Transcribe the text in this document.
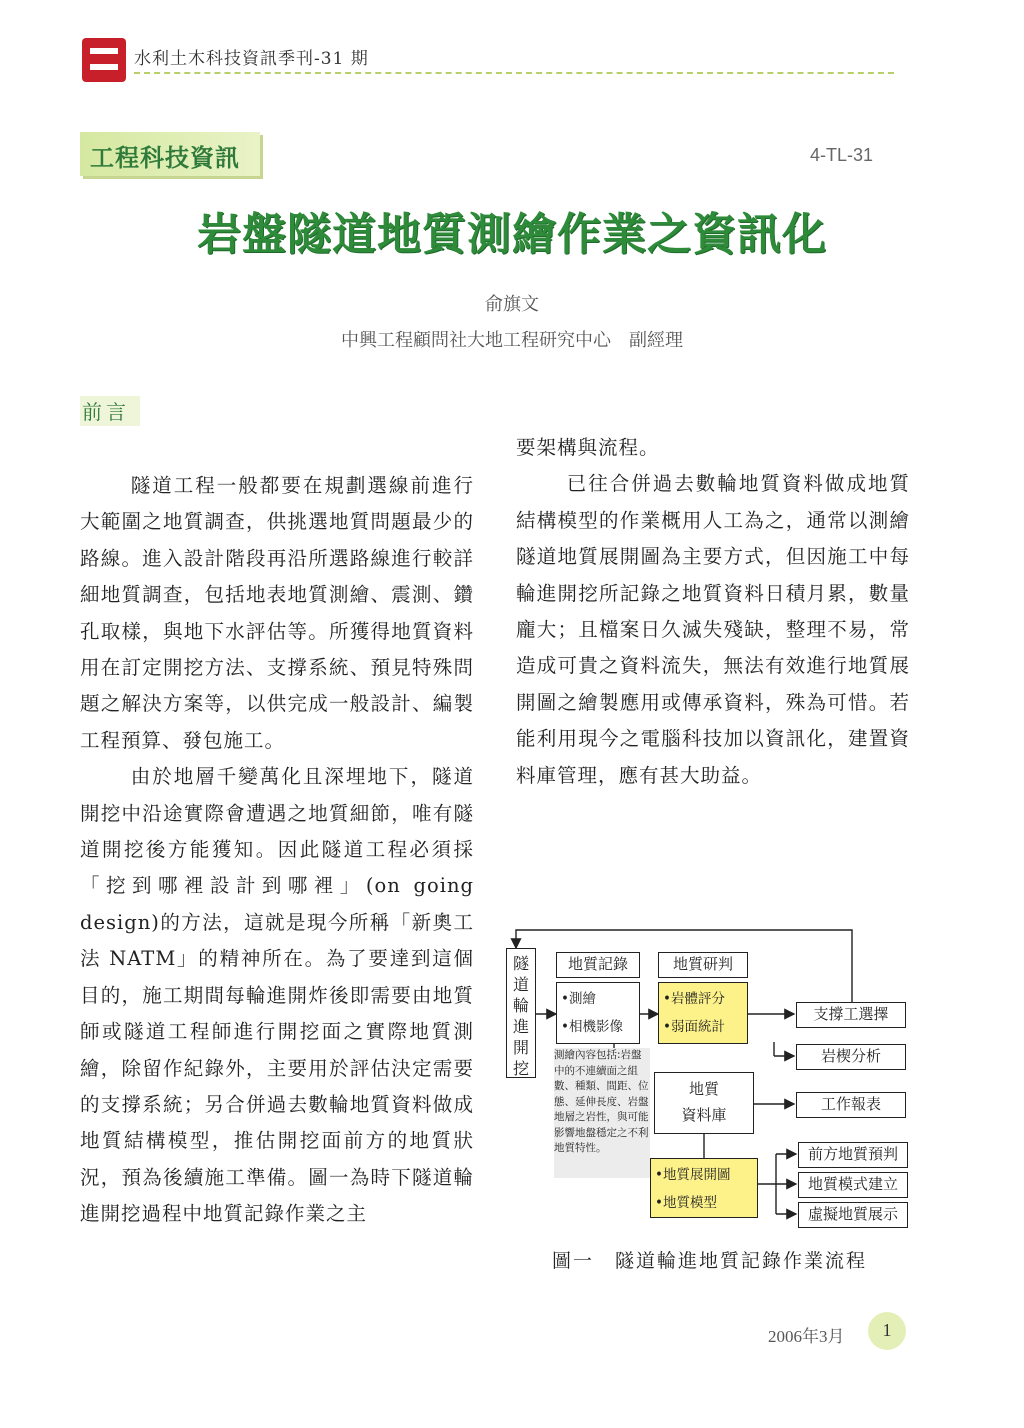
水利土木科技資訊季刊-31 期
工程科技資訊	4-TL-31
岩盤隧道地質測繪作業之資訊化
俞旗文
中興工程顧問社大地工程研究中心　副經理
前言

隧道工程一般都要在規劃選線前進行大範圍之地質調查，供挑選地質問題最少的路線。進入設計階段再沿所選路線進行較詳細地質調查，包括地表地質測繪、震測、鑽孔取樣，與地下水評估等。所獲得地質資料用在訂定開挖方法、支撐系統、預見特殊問題之解決方案等，以供完成一般設計、編製工程預算、發包施工。

由於地層千變萬化且深埋地下，隧道開挖中沿途實際會遭遇之地質細節，唯有隧道開挖後方能獲知。因此隧道工程必須採「挖到哪裡設計到哪裡」(on going design)的方法，這就是現今所稱「新奧工法 NATM」的精神所在。為了要達到這個目的，施工期間每輪進開炸後即需要由地質師或隧道工程師進行開挖面之實際地質測繪，除留作紀錄外，主要用於評估決定需要的支撐系統；另合併過去數輪地質資料做成地質結構模型，推估開挖面前方的地質狀況，預為後續施工準備。圖一為時下隧道輪進開挖過程中地質記錄作業之主

要架構與流程。

已往合併過去數輪地質資料做成地質結構模型的作業概用人工為之，通常以測繪隧道地質展開圖為主要方式，但因施工中每輪進開挖所記錄之地質資料日積月累，數量龐大；且檔案日久滅失殘缺，整理不易，常造成可貴之資料流失，無法有效進行地質展開圖之繪製應用或傳承資料，殊為可惜。若能利用現今之電腦科技加以資訊化，建置資料庫管理，應有甚大助益。

隧道輪進開挖
地質記錄	地質研判
•測繪
•相機影像
•岩體評分
•弱面統計
測繪內容包括:岩盤中的不連續面之組數、種類、間距、位態、延伸長度、岩盤地層之岩性，與可能影響地盤穩定之不利地質特性。
地質
資料庫
•地質展開圖
•地質模型
支撐工選擇
岩楔分析
工作報表
前方地質預判
地質模式建立
虛擬地質展示
圖一　隧道輪進地質記錄作業流程
2006年3月	1
